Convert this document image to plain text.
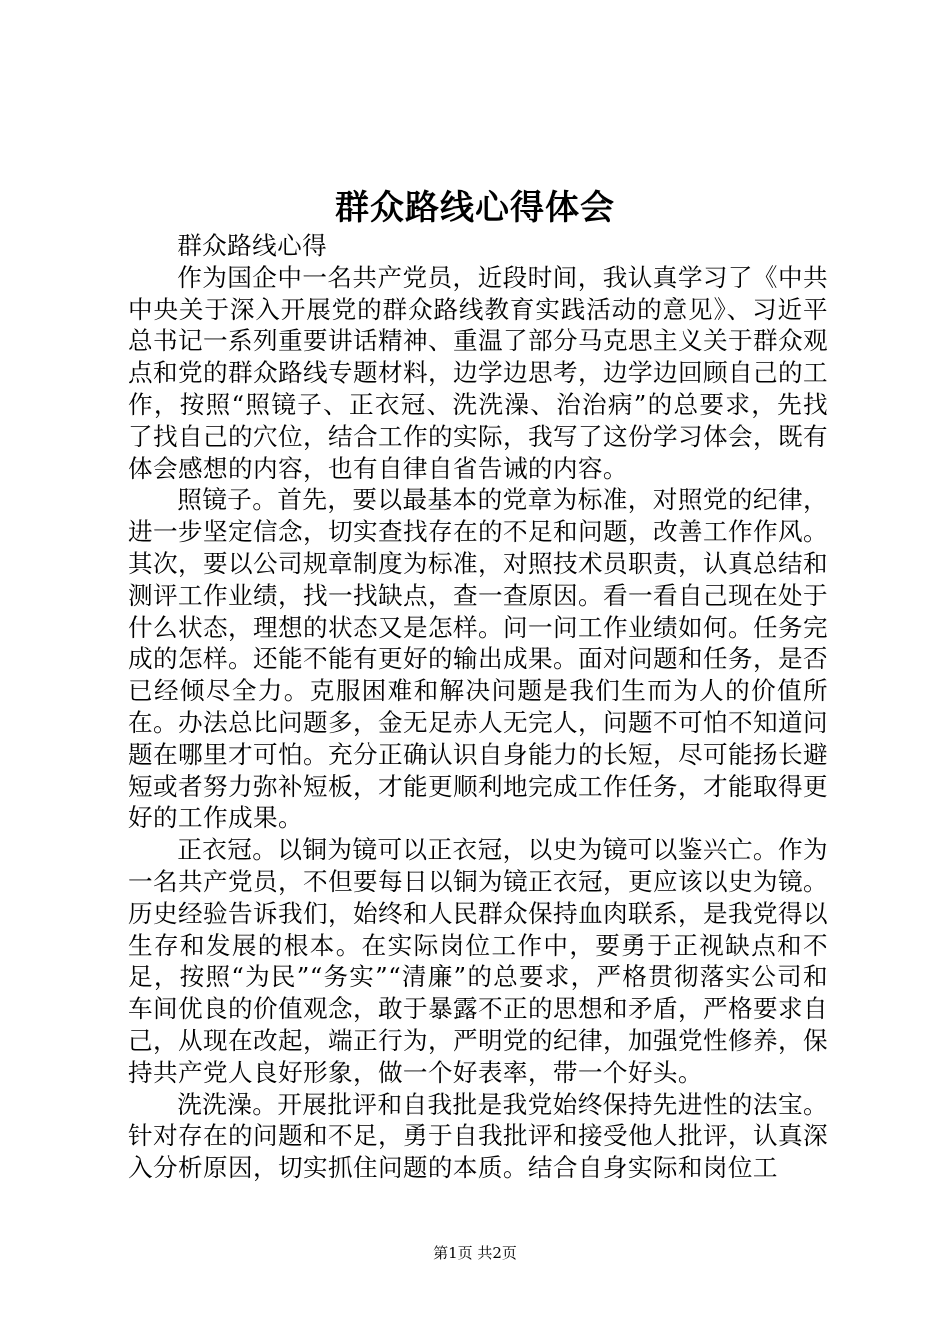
群众路线心得体会

群众路线心得

作为国企中一名共产党员，近段时间，我认真学习了《中共中央关于深入开展党的群众路线教育实践活动的意见》、习近平总书记一系列重要讲话精神、重温了部分马克思主义关于群众观点和党的群众路线专题材料，边学边思考，边学边回顾自己的工作，按照“照镜子、正衣冠、洗洗澡、治治病”的总要求，先找了找自己的穴位，结合工作的实际，我写了这份学习体会，既有体会感想的内容，也有自律自省告诫的内容。

照镜子。首先，要以最基本的党章为标准，对照党的纪律，进一步坚定信念，切实查找存在的不足和问题，改善工作作风。其次，要以公司规章制度为标准，对照技术员职责，认真总结和测评工作业绩，找一找缺点，查一查原因。看一看自己现在处于什么状态，理想的状态又是怎样。问一问工作业绩如何。任务完成的怎样。还能不能有更好的输出成果。面对问题和任务，是否已经倾尽全力。克服困难和解决问题是我们生而为人的价值所在。办法总比问题多，金无足赤人无完人，问题不可怕不知道问题在哪里才可怕。充分正确认识自身能力的长短，尽可能扬长避短或者努力弥补短板，才能更顺利地完成工作任务，才能取得更好的工作成果。

正衣冠。以铜为镜可以正衣冠，以史为镜可以鉴兴亡。作为一名共产党员，不但要每日以铜为镜正衣冠，更应该以史为镜。历史经验告诉我们，始终和人民群众保持血肉联系，是我党得以生存和发展的根本。在实际岗位工作中，要勇于正视缺点和不足，按照“为民”“务实”“清廉”的总要求，严格贯彻落实公司和车间优良的价值观念，敢于暴露不正的思想和矛盾，严格要求自己，从现在改起，端正行为，严明党的纪律，加强党性修养，保持共产党人良好形象，做一个好表率，带一个好头。

洗洗澡。开展批评和自我批是我党始终保持先进性的法宝。针对存在的问题和不足，勇于自我批评和接受他人批评，认真深入分析原因，切实抓住问题的本质。结合自身实际和岗位工

第1页 共2页
